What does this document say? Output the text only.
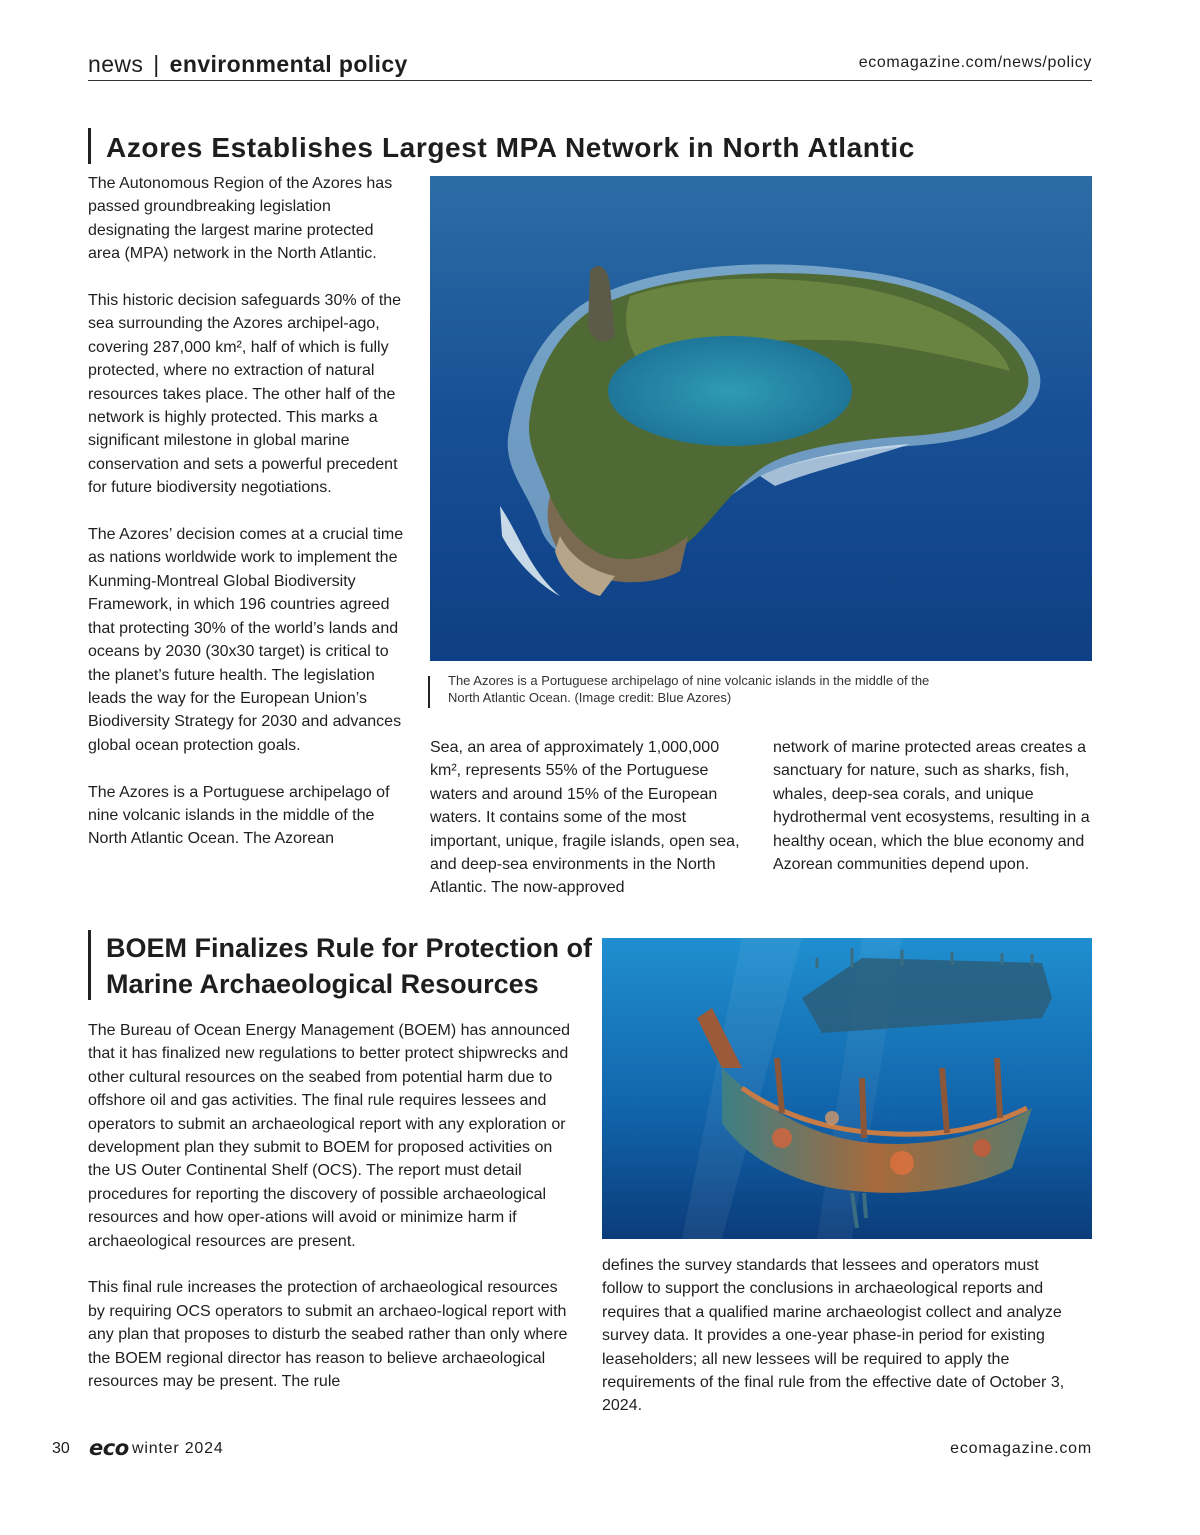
news | environmental policy	ecomagazine.com/news/policy
Azores Establishes Largest MPA Network in North Atlantic

The Autonomous Region of the Azores has passed groundbreaking legislation designating the largest marine protected area (MPA) network in the North Atlantic.

This historic decision safeguards 30% of the sea surrounding the Azores archipel-ago, covering 287,000 km², half of which is fully protected, where no extraction of natural resources takes place. The other half of the network is highly protected. This marks a significant milestone in global marine conservation and sets a powerful precedent for future biodiversity negotiations.

The Azores’ decision comes at a crucial time as nations worldwide work to implement the Kunming-Montreal Global Biodiversity Framework, in which 196 countries agreed that protecting 30% of the world’s lands and oceans by 2030 (30x30 target) is critical to the planet’s future health. The legislation leads the way for the European Union’s Biodiversity Strategy for 2030 and advances global ocean protection goals.

The Azores is a Portuguese archipelago of nine volcanic islands in the middle of the North Atlantic Ocean. The Azorean

The Azores is a Portuguese archipelago of nine volcanic islands in the middle of the North Atlantic Ocean. (Image credit: Blue Azores)

Sea, an area of approximately 1,000,000 km², represents 55% of the Portuguese waters and around 15% of the European waters. It contains some of the most important, unique, fragile islands, open sea, and deep-sea environments in the North Atlantic. The now-approved

network of marine protected areas creates a sanctuary for nature, such as sharks, fish, whales, deep-sea corals, and unique hydrothermal vent ecosystems, resulting in a healthy ocean, which the blue economy and Azorean communities depend upon.

BOEM Finalizes Rule for Protection of Marine Archaeological Resources

The Bureau of Ocean Energy Management (BOEM) has announced that it has finalized new regulations to better protect shipwrecks and other cultural resources on the seabed from potential harm due to offshore oil and gas activities. The final rule requires lessees and operators to submit an archaeological report with any exploration or development plan they submit to BOEM for proposed activities on the US Outer Continental Shelf (OCS). The report must detail procedures for reporting the discovery of possible archaeological resources and how oper-ations will avoid or minimize harm if archaeological resources are present.

This final rule increases the protection of archaeological resources by requiring OCS operators to submit an archaeo-logical report with any plan that proposes to disturb the seabed rather than only where the BOEM regional director has reason to believe archaeological resources may be present. The rule

defines the survey standards that lessees and operators must follow to support the conclusions in archaeological reports and requires that a qualified marine archaeologist collect and analyze survey data. It provides a one-year phase-in period for existing leaseholders; all new lessees will be required to apply the requirements of the final rule from the effective date of October 3, 2024.

30 eco winter 2024	ecomagazine.com
